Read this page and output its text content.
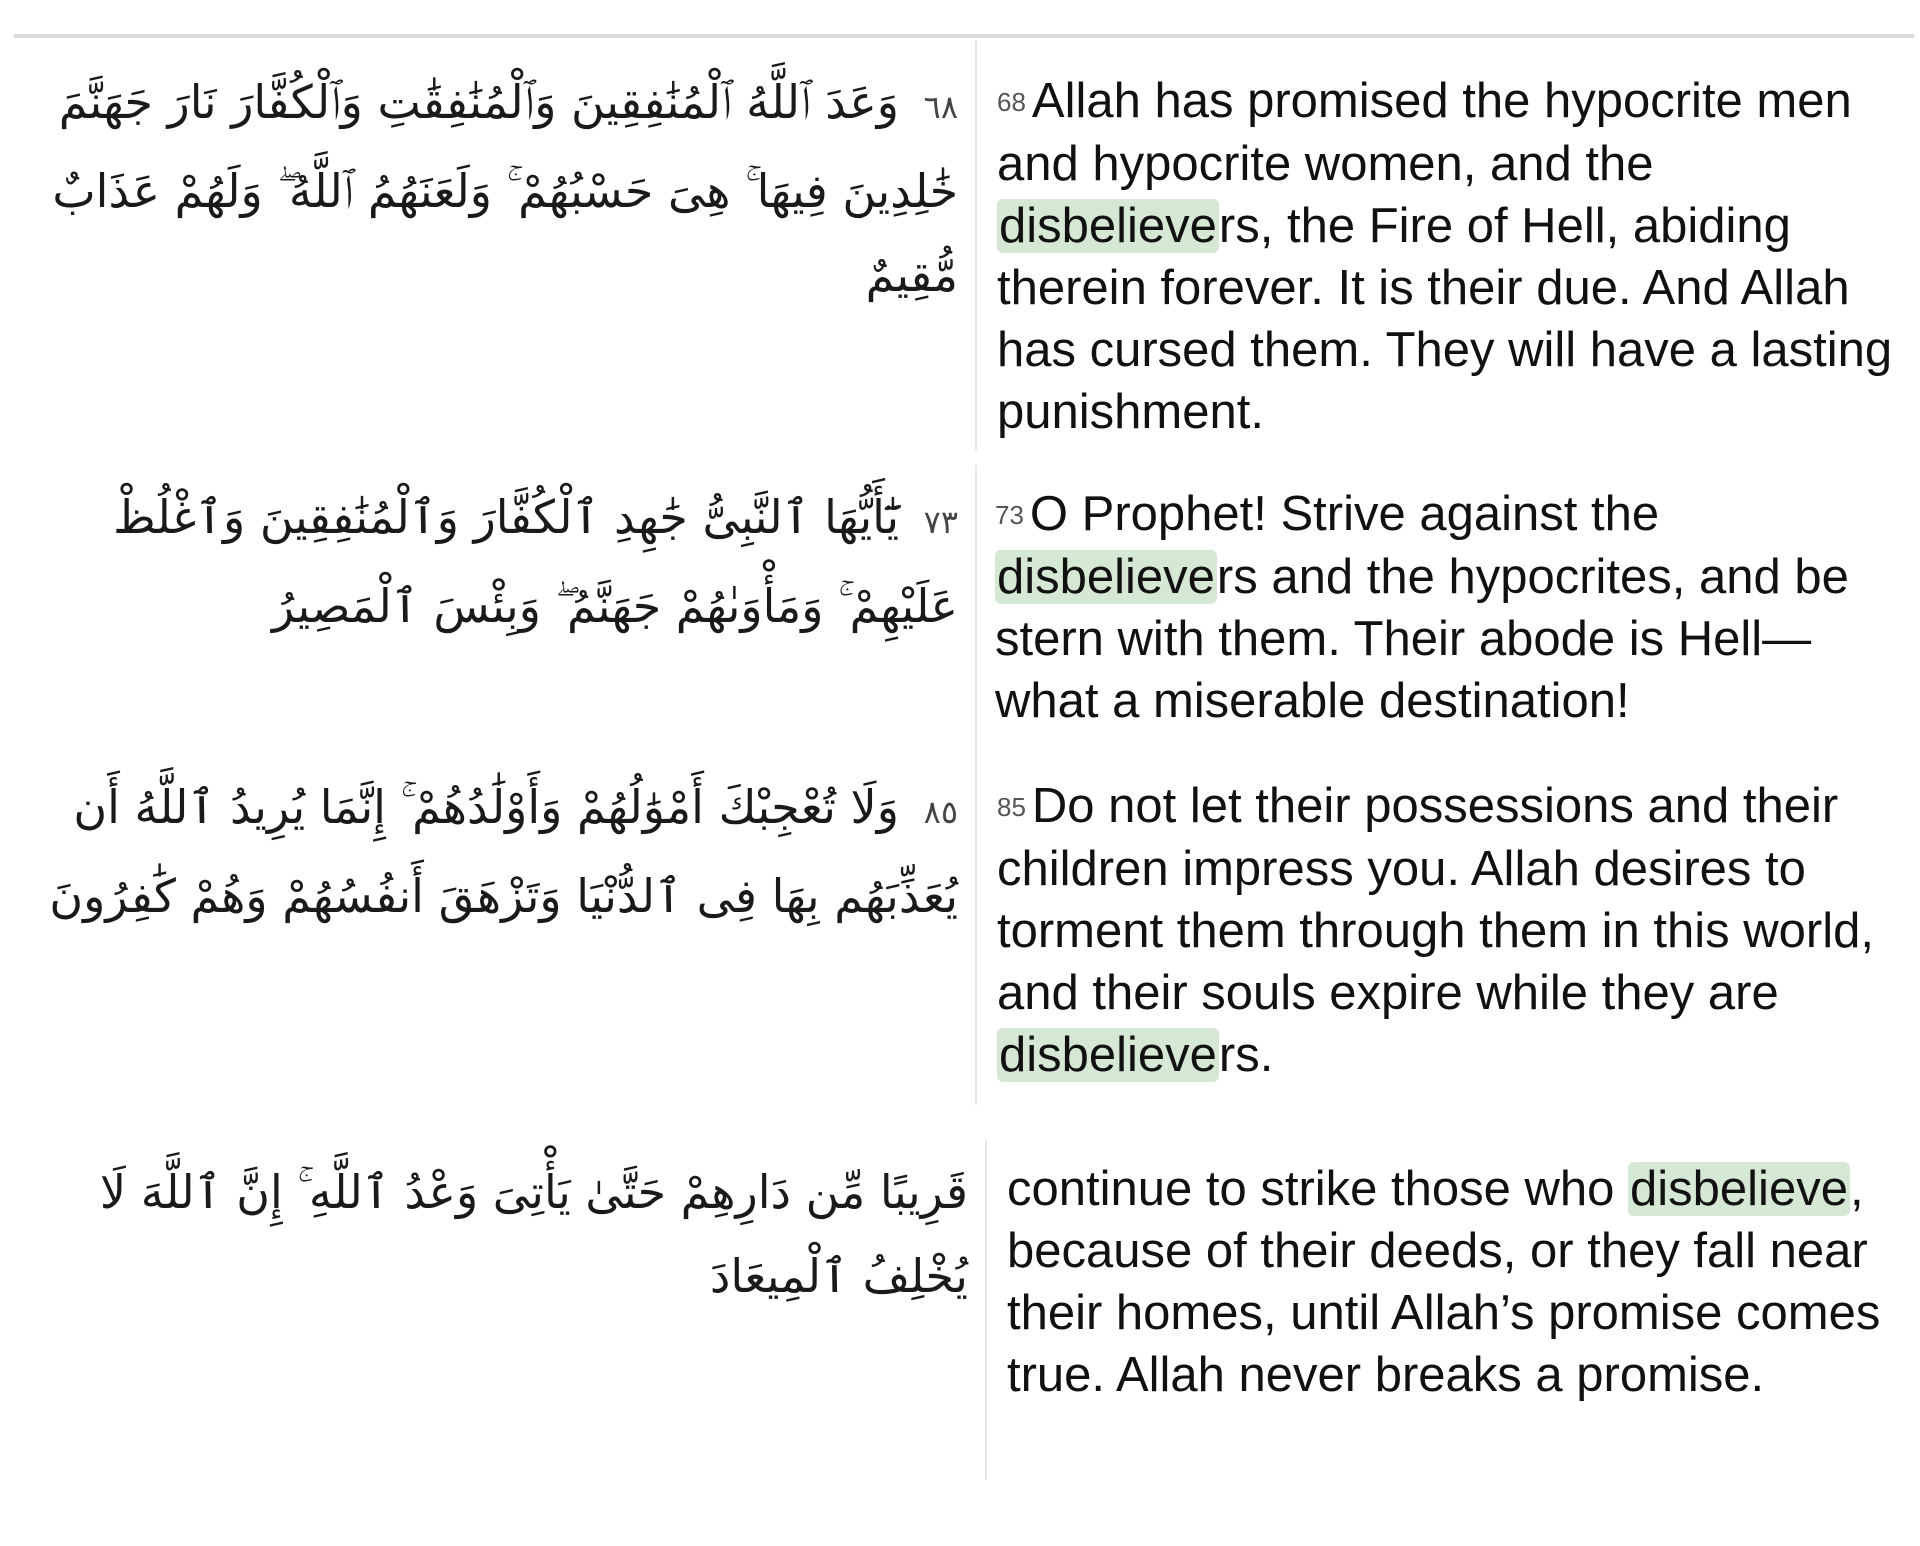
٦٨ وَعَدَ ٱللَّهُ ٱلْمُنَٰفِقِينَ وَٱلْمُنَٰفِقَٰتِ وَٱلْكُفَّارَ نَارَ جَهَنَّمَ خَٰلِدِينَ فِيهَا ۚ هِىَ حَسْبُهُمْ ۚ وَلَعَنَهُمُ ٱللَّهُ ۖ وَلَهُمْ عَذَابٌ مُّقِيمٌ
68 Allah has promised the hypocrite men and hypocrite women, and the disbelievers, the Fire of Hell, abiding therein forever. It is their due. And Allah has cursed them. They will have a lasting punishment.
٧٣ يَٰٓأَيُّهَا ٱلنَّبِىُّ جَٰهِدِ ٱلْكُفَّارَ وَٱلْمُنَٰفِقِينَ وَٱغْلُظْ عَلَيْهِمْ ۚ وَمَأْوَىٰهُمْ جَهَنَّمُ ۖ وَبِئْسَ ٱلْمَصِيرُ
73 O Prophet! Strive against the disbelievers and the hypocrites, and be stern with them. Their abode is Hell—what a miserable destination!
٨٥ وَلَا تُعْجِبْكَ أَمْوَٰلُهُمْ وَأَوْلَٰدُهُمْ ۚ إِنَّمَا يُرِيدُ ٱللَّهُ أَن يُعَذِّبَهُم بِهَا فِى ٱلدُّنْيَا وَتَزْهَقَ أَنفُسُهُمْ وَهُمْ كَٰفِرُونَ
85 Do not let their possessions and their children impress you. Allah desires to torment them through them in this world, and their souls expire while they are disbelievers.
قَرِيبًا مِّن دَارِهِمْ حَتَّىٰ يَأْتِىَ وَعْدُ ٱللَّهِ ۚ إِنَّ ٱللَّهَ لَا يُخْلِفُ ٱلْمِيعَادَ
continue to strike those who disbelieve, because of their deeds, or they fall near their homes, until Allah’s promise comes true. Allah never breaks a promise.
